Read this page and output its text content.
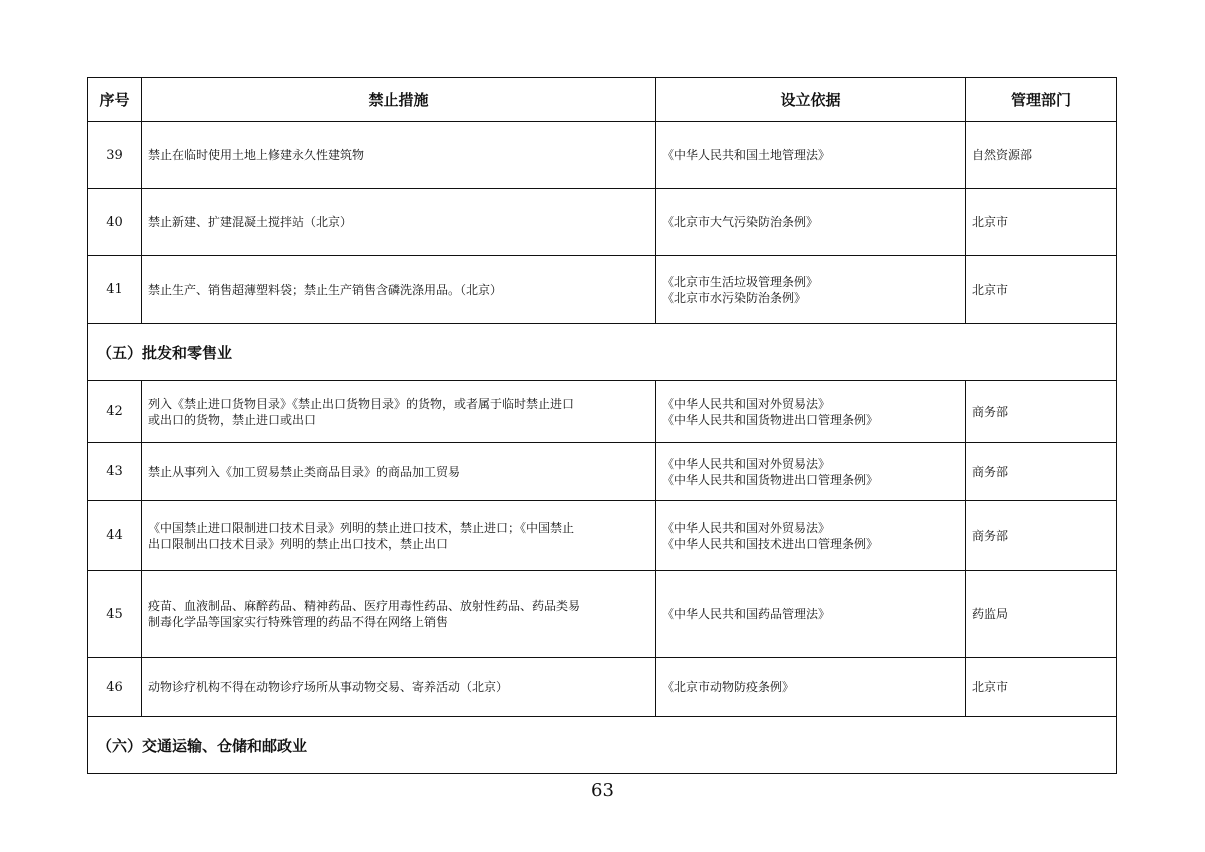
序号	禁止措施	设立依据	管理部门
39	禁止在临时使用土地上修建永久性建筑物	《中华人民共和国土地管理法》	自然资源部
40	禁止新建、扩建混凝土搅拌站（北京）	《北京市大气污染防治条例》	北京市
41	禁止生产、销售超薄塑料袋；禁止生产销售含磷洗涤用品。（北京）	《北京市生活垃圾管理条例》
《北京市水污染防治条例》	北京市
（五）批发和零售业			
42	列入《禁止进口货物目录》《禁止出口货物目录》的货物，或者属于临时禁止进口
或出口的货物，禁止进口或出口	《中华人民共和国对外贸易法》
《中华人民共和国货物进出口管理条例》	商务部
43	禁止从事列入《加工贸易禁止类商品目录》的商品加工贸易	《中华人民共和国对外贸易法》
《中华人民共和国货物进出口管理条例》	商务部
44	《中国禁止进口限制进口技术目录》列明的禁止进口技术，禁止进口；《中国禁止
出口限制出口技术目录》列明的禁止出口技术，禁止出口	《中华人民共和国对外贸易法》
《中华人民共和国技术进出口管理条例》	商务部
45	疫苗、血液制品、麻醉药品、精神药品、医疗用毒性药品、放射性药品、药品类易
制毒化学品等国家实行特殊管理的药品不得在网络上销售	《中华人民共和国药品管理法》	药监局
46	动物诊疗机构不得在动物诊疗场所从事动物交易、寄养活动（北京）	《北京市动物防疫条例》	北京市
（六）交通运输、仓储和邮政业			
63
